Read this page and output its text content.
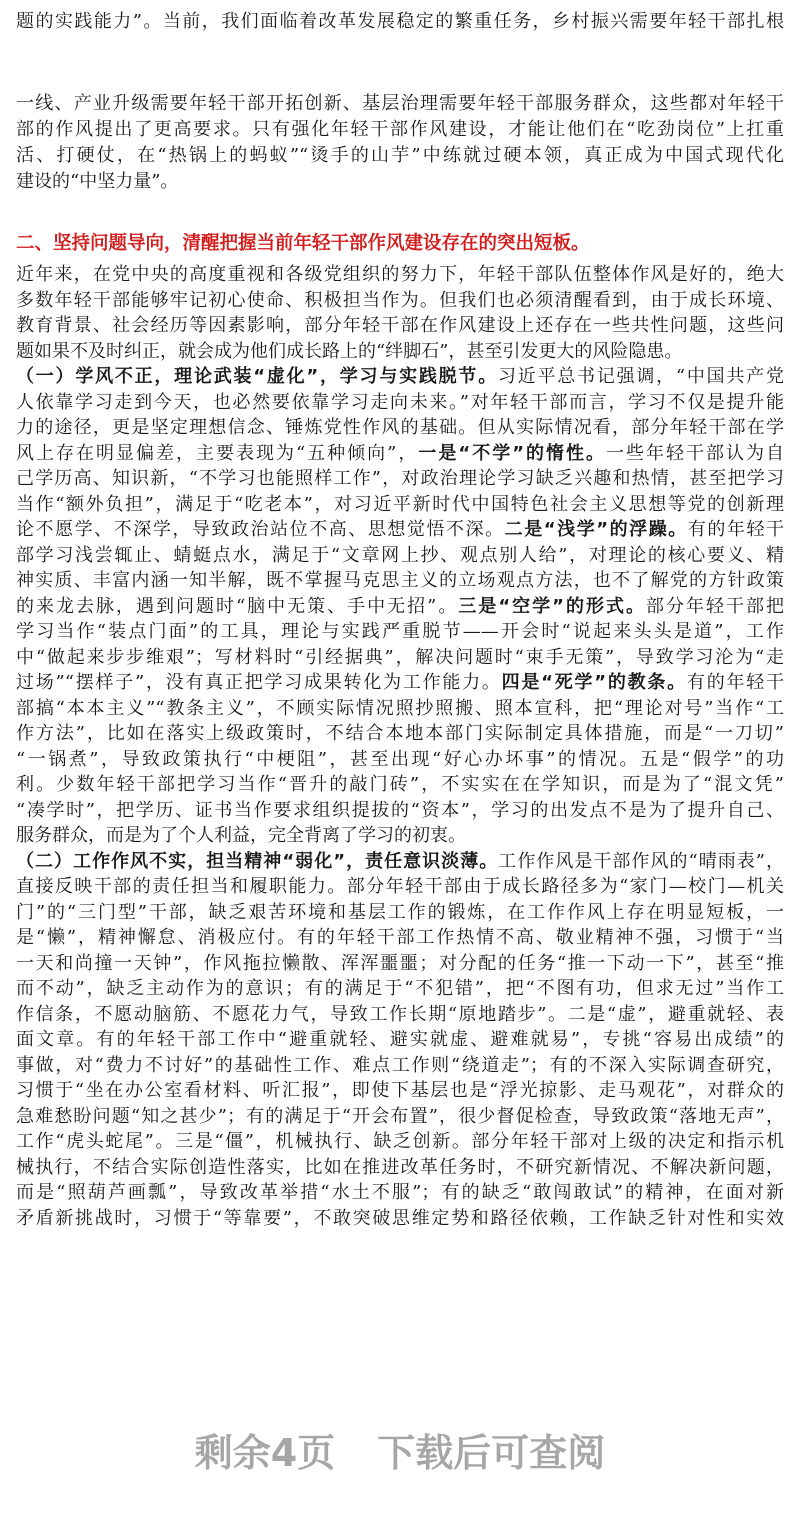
题的实践能力”。当前，我们面临着改革发展稳定的繁重任务，乡村振兴需要年轻干部扎根
一线、产业升级需要年轻干部开拓创新、基层治理需要年轻干部服务群众，这些都对年轻干
部的作风提出了更高要求。只有强化年轻干部作风建设，才能让他们在“吃劲岗位”上扛重
活、打硬仗，在“热锅上的蚂蚁”“烫手的山芋”中练就过硬本领，真正成为中国式现代化
建设的“中坚力量”。
二、坚持问题导向，清醒把握当前年轻干部作风建设存在的突出短板。
近年来，在党中央的高度重视和各级党组织的努力下，年轻干部队伍整体作风是好的，绝大
多数年轻干部能够牢记初心使命、积极担当作为。但我们也必须清醒看到，由于成长环境、
教育背景、社会经历等因素影响，部分年轻干部在作风建设上还存在一些共性问题，这些问
题如果不及时纠正，就会成为他们成长路上的“绊脚石”，甚至引发更大的风险隐患。
（一）学风不正，理论武装“虚化”，学习与实践脱节。习近平总书记强调，“中国共产党
人依靠学习走到今天，也必然要依靠学习走向未来。”对年轻干部而言，学习不仅是提升能
力的途径，更是坚定理想信念、锤炼党性作风的基础。但从实际情况看，部分年轻干部在学
风上存在明显偏差，主要表现为“五种倾向”，一是“不学”的惰性。一些年轻干部认为自
己学历高、知识新，“不学习也能照样工作”，对政治理论学习缺乏兴趣和热情，甚至把学习
当作“额外负担”，满足于“吃老本”，对习近平新时代中国特色社会主义思想等党的创新理
论不愿学、不深学，导致政治站位不高、思想觉悟不深。二是“浅学”的浮躁。有的年轻干
部学习浅尝辄止、蜻蜓点水，满足于“文章网上抄、观点别人给”，对理论的核心要义、精
神实质、丰富内涵一知半解，既不掌握马克思主义的立场观点方法，也不了解党的方针政策
的来龙去脉，遇到问题时“脑中无策、手中无招”。三是“空学”的形式。部分年轻干部把
学习当作“装点门面”的工具，理论与实践严重脱节——开会时“说起来头头是道”，工作
中“做起来步步维艰”；写材料时“引经据典”，解决问题时“束手无策”，导致学习沦为“走
过场”“摆样子”，没有真正把学习成果转化为工作能力。四是“死学”的教条。有的年轻干
部搞“本本主义”“教条主义”，不顾实际情况照抄照搬、照本宣科，把“理论对号”当作“工
作方法”，比如在落实上级政策时，不结合本地本部门实际制定具体措施，而是“一刀切”
“一锅煮”，导致政策执行“中梗阻”，甚至出现“好心办坏事”的情况。五是“假学”的功
利。少数年轻干部把学习当作“晋升的敲门砖”，不实实在在学知识，而是为了“混文凭”
“凑学时”，把学历、证书当作要求组织提拔的“资本”，学习的出发点不是为了提升自己、
服务群众，而是为了个人利益，完全背离了学习的初衷。
（二）工作作风不实，担当精神“弱化”，责任意识淡薄。工作作风是干部作风的“晴雨表”，
直接反映干部的责任担当和履职能力。部分年轻干部由于成长路径多为“家门—校门—机关
门”的“三门型”干部，缺乏艰苦环境和基层工作的锻炼，在工作作风上存在明显短板，一
是“懒”，精神懈怠、消极应付。有的年轻干部工作热情不高、敬业精神不强，习惯于“当
一天和尚撞一天钟”，作风拖拉懒散、浑浑噩噩；对分配的任务“推一下动一下”，甚至“推
而不动”，缺乏主动作为的意识；有的满足于“不犯错”，把“不图有功，但求无过”当作工
作信条，不愿动脑筋、不愿花力气，导致工作长期“原地踏步”。二是“虚”，避重就轻、表
面文章。有的年轻干部工作中“避重就轻、避实就虚、避难就易”，专挑“容易出成绩”的
事做，对“费力不讨好”的基础性工作、难点工作则“绕道走”；有的不深入实际调查研究，
习惯于“坐在办公室看材料、听汇报”，即使下基层也是“浮光掠影、走马观花”，对群众的
急难愁盼问题“知之甚少”；有的满足于“开会布置”，很少督促检查，导致政策“落地无声”，
工作“虎头蛇尾”。三是“僵”，机械执行、缺乏创新。部分年轻干部对上级的决定和指示机
械执行，不结合实际创造性落实，比如在推进改革任务时，不研究新情况、不解决新问题，
而是“照葫芦画瓢”，导致改革举措“水土不服”；有的缺乏“敢闯敢试”的精神，在面对新
矛盾新挑战时，习惯于“等靠要”，不敢突破思维定势和路径依赖，工作缺乏针对性和实效
剩余4页 下载后可查阅
